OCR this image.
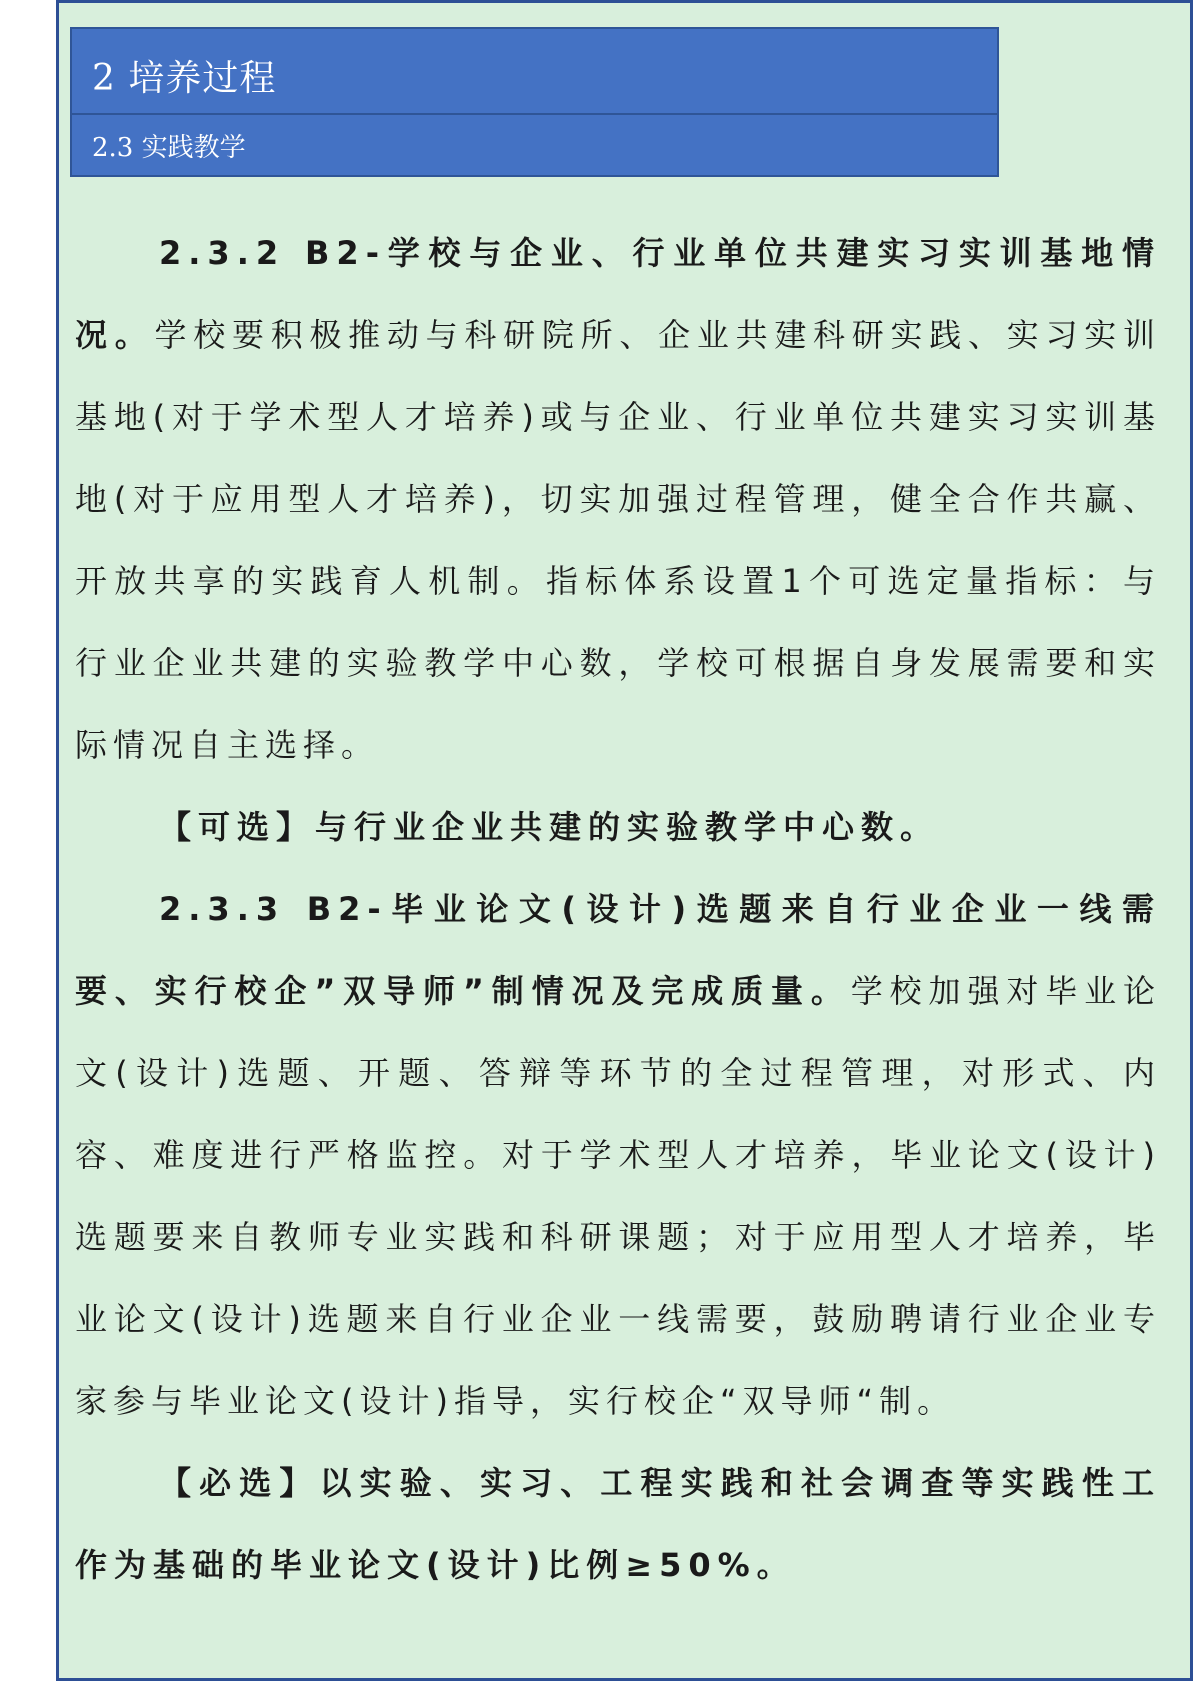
2 培养过程
2.3 实践教学

2.3.2 B2-学校与企业、行业单位共建实习实训基地情况。学校要积极推动与科研院所、企业共建科研实践、实习实训基地(对于学术型人才培养)或与企业、行业单位共建实习实训基地(对于应用型人才培养)，切实加强过程管理，健全合作共赢、开放共享的实践育人机制。指标体系设置1个可选定量指标：与行业企业共建的实验教学中心数，学校可根据自身发展需要和实际情况自主选择。

【可选】与行业企业共建的实验教学中心数。

2.3.3 B2-毕业论文(设计)选题来自行业企业一线需要、实行校企”双导师”制情况及完成质量。学校加强对毕业论文(设计)选题、开题、答辩等环节的全过程管理，对形式、内容、难度进行严格监控。对于学术型人才培养，毕业论文(设计)选题要来自教师专业实践和科研课题；对于应用型人才培养，毕业论文(设计)选题来自行业企业一线需要，鼓励聘请行业企业专家参与毕业论文(设计)指导，实行校企“双导师“制。

【必选】以实验、实习、工程实践和社会调查等实践性工作为基础的毕业论文(设计)比例≥50%。
